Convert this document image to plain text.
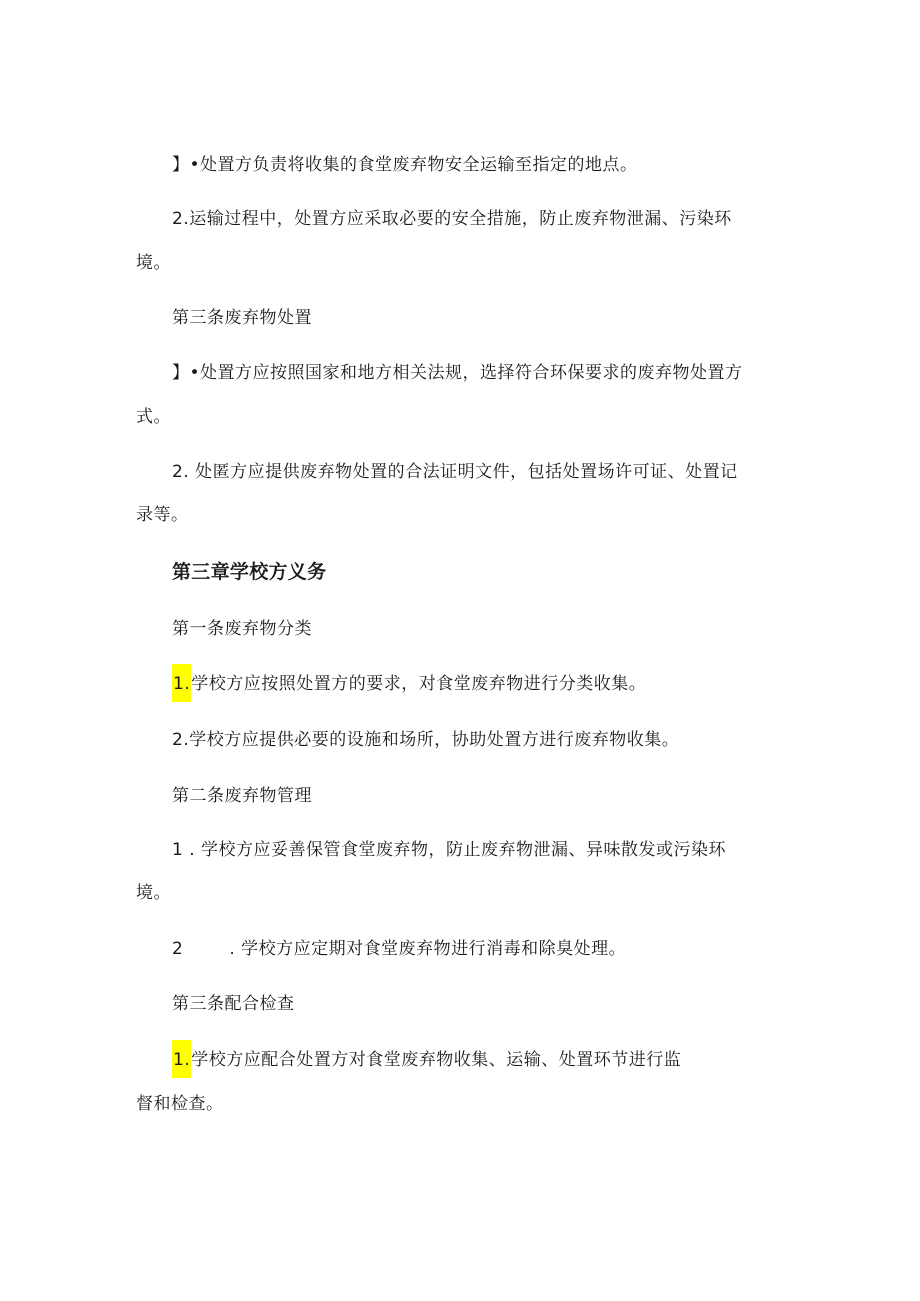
】•处置方负责将收集的食堂废弃物安全运输至指定的地点。
2.运输过程中，处置方应采取必要的安全措施，防止废弃物泄漏、污染环
境。
第三条废弃物处置
】•处置方应按照国家和地方相关法规，选择符合环保要求的废弃物处置方
式。
2. 处匿方应提供废弃物处置的合法证明文件，包括处置场许可证、处置记
录等。
第三章学校方义务
第一条废弃物分类
1.学校方应按照处置方的要求，对食堂废弃物进行分类收集。
2.学校方应提供必要的设施和场所，协助处置方进行废弃物收集。
第二条废弃物管理
1 . 学校方应妥善保管食堂废弃物，防止废弃物泄漏、异味散发或污染环
境。
2	. 学校方应定期对食堂废弃物进行消毒和除臭处理。
第三条配合检查
1.学校方应配合处置方对食堂废弃物收集、运输、处置环节进行监
督和检查。
